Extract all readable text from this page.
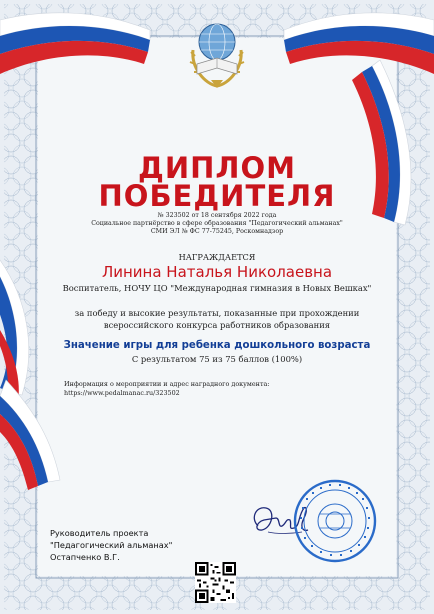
ДИПЛОМ
ПОБЕДИТЕЛЯ
№ 323502 от 18 сентября 2022 года
Социальное партнёрство в сфере образования "Педагогический альманах"
СМИ ЭЛ № ФС 77-75245, Роскомнадзор
НАГРАЖДАЕТСЯ
Линина Наталья Николаевна
Воспитатель, НОЧУ ЦО "Международная гимназия в Новых Вешках"
за победу и высокие результаты, показанные при прохождении
всероссийского конкурса работников образования
Значение игры для ребенка дошкольного возраста
С результатом 75 из 75 баллов (100%)
Информация о мероприятии и адрес наградного документа:
https://www.pedalmanac.ru/323502
Руководитель проекта
"Педагогический альманах"
Остапченко В.Г.
